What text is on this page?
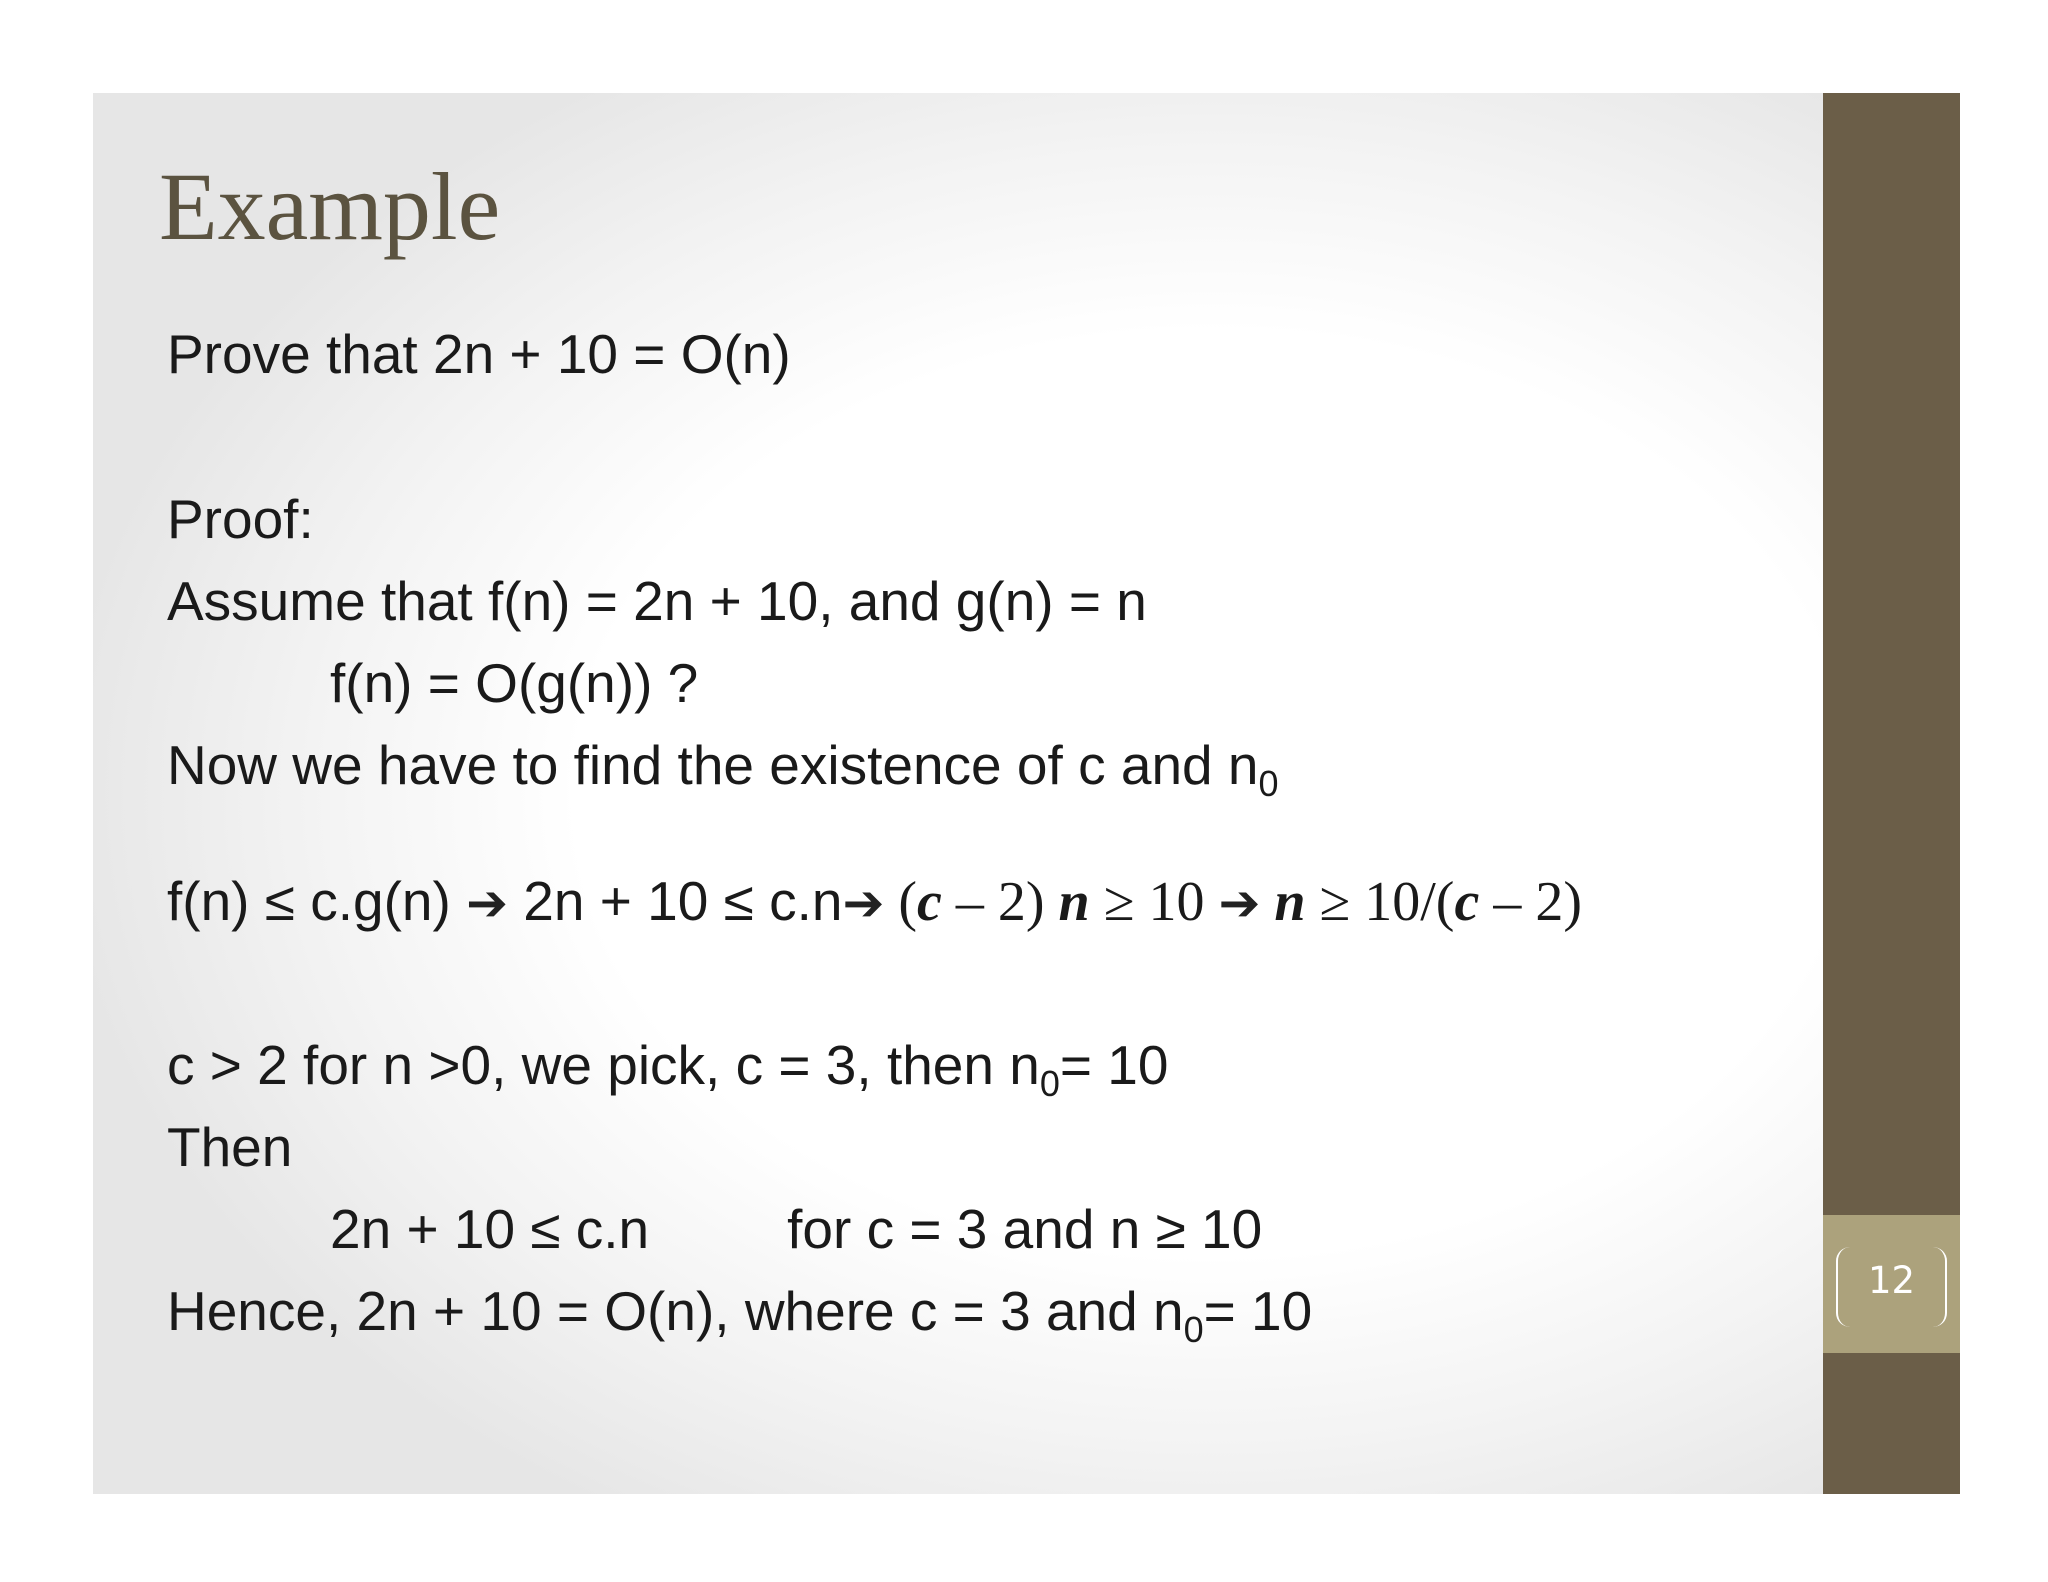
Example
Prove that 2n + 10 = O(n)
Proof:
Assume that f(n) = 2n + 10, and g(n) = n
f(n) = O(g(n)) ?
Now we have to find the existence of c and $n_0$
f(n) ≤ c.g(n) ➔ 2n + 10 ≤ c.n➔ (c – 2) n ≥ 10 ➔ n ≥ 10/(c – 2)
c > 2 for n >0, we pick, c = 3, then $n_0= 10$
Then
2n + 10 ≤ c.n	for c = 3 and n ≥ 10
Hence, 2n + 10 = O(n), where c = 3 and $n_0= 10$	12
